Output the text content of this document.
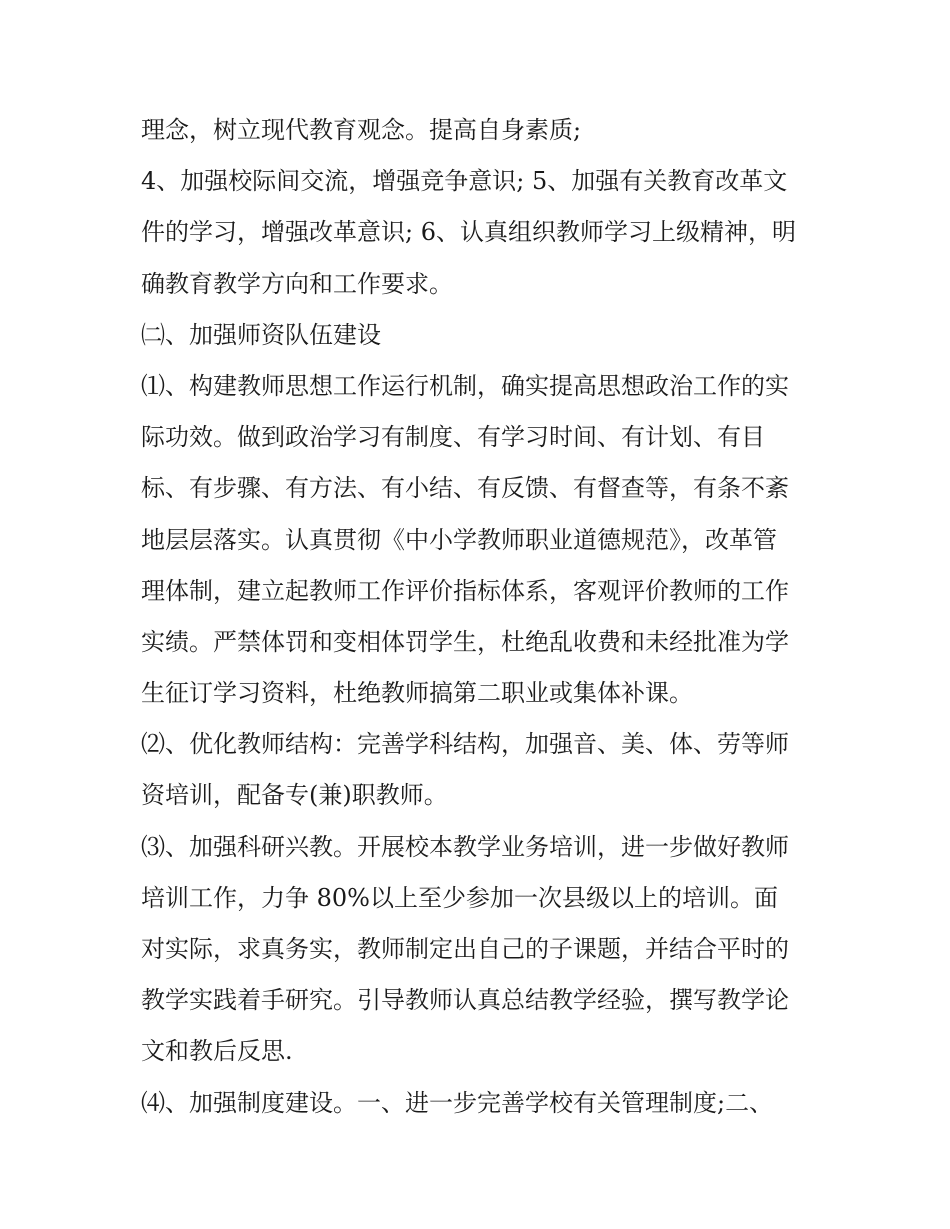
理念，树立现代教育观念。提高自身素质;
4、加强校际间交流，增强竞争意识; 5、加强有关教育改革文
件的学习，增强改革意识; 6、认真组织教师学习上级精神，明
确教育教学方向和工作要求。
㈡、加强师资队伍建设
⑴、构建教师思想工作运行机制，确实提高思想政治工作的实
际功效。做到政治学习有制度、有学习时间、有计划、有目
标、有步骤、有方法、有小结、有反馈、有督查等，有条不紊
地层层落实。认真贯彻《中小学教师职业道德规范》，改革管
理体制，建立起教师工作评价指标体系，客观评价教师的工作
实绩。严禁体罚和变相体罚学生，杜绝乱收费和未经批准为学
生征订学习资料，杜绝教师搞第二职业或集体补课。
⑵、优化教师结构：完善学科结构，加强音、美、体、劳等师
资培训，配备专(兼)职教师。
⑶、加强科研兴教。开展校本教学业务培训，进一步做好教师
培训工作，力争 80%以上至少参加一次县级以上的培训。面
对实际，求真务实，教师制定出自己的子课题，并结合平时的
教学实践着手研究。引导教师认真总结教学经验，撰写教学论
文和教后反思.
⑷、加强制度建设。一、进一步完善学校有关管理制度;二、
